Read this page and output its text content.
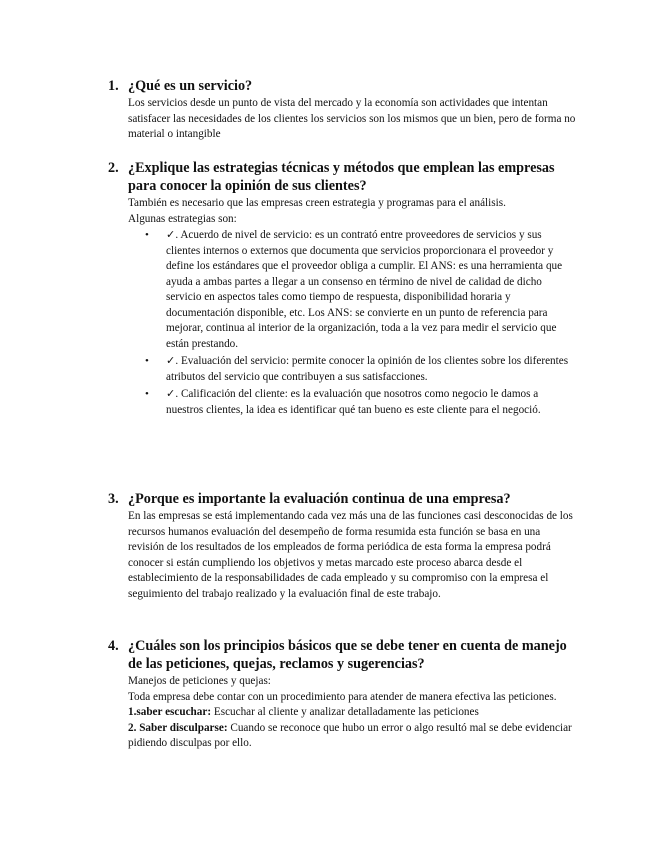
1. ¿Qué es un servicio?

Los servicios desde un punto de vista del mercado y la economía son actividades que intentan satisfacer las necesidades de los clientes los servicios son los mismos que un bien, pero de forma no material o intangible

2. ¿Explique las estrategias técnicas y métodos que emplean las empresas para conocer la opinión de sus clientes?

También es necesario que las empresas creen estrategia y programas para el análisis.

Algunas estrategias son:

• ✓. Acuerdo de nivel de servicio: es un contrató entre proveedores de servicios y sus clientes internos o externos que documenta que servicios proporcionara el proveedor y define los estándares que el proveedor obliga a cumplir. El ANS: es una herramienta que ayuda a ambas partes a llegar a un consenso en término de nivel de calidad de dicho servicio en aspectos tales como tiempo de respuesta, disponibilidad horaria y documentación disponible, etc. Los ANS: se convierte en un punto de referencia para mejorar, continua al interior de la organización, toda a la vez para medir el servicio que están prestando.
• ✓. Evaluación del servicio: permite conocer la opinión de los clientes sobre los diferentes atributos del servicio que contribuyen a sus satisfacciones.
• ✓. Calificación del cliente: es la evaluación que nosotros como negocio le damos a nuestros clientes, la idea es identificar qué tan bueno es este cliente para el negoció.
3. ¿Porque es importante la evaluación continua de una empresa?

En las empresas se está implementando cada vez más una de las funciones casi desconocidas de los recursos humanos evaluación del desempeño de forma resumida esta función se basa en una revisión de los resultados de los empleados de forma periódica de esta forma la empresa podrá conocer si están cumpliendo los objetivos y metas marcado este proceso abarca desde el establecimiento de la responsabilidades de cada empleado y su compromiso con la empresa el seguimiento del trabajo realizado y la evaluación final de este trabajo.

4. ¿Cuáles son los principios básicos que se debe tener en cuenta de manejo de las peticiones, quejas, reclamos y sugerencias?

Manejos de peticiones y quejas:

Toda empresa debe contar con un procedimiento para atender de manera efectiva las peticiones.

1.saber escuchar: Escuchar al cliente y analizar detalladamente las peticiones

2. Saber disculparse: Cuando se reconoce que hubo un error o algo resultó mal se debe evidenciar pidiendo disculpas por ello.
